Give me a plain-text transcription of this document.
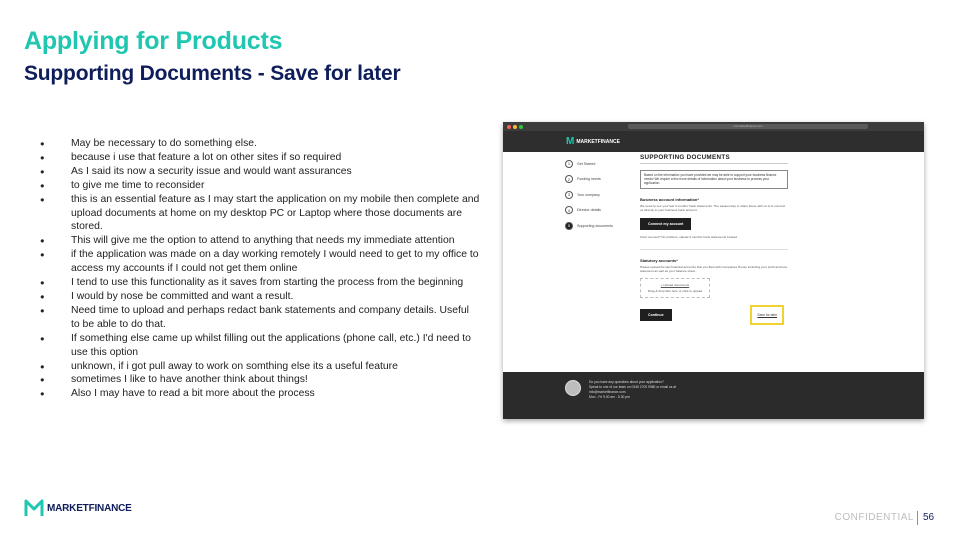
Applying for Products
Supporting Documents - Save for later
● May be necessary to do something else.
● because i use that feature a lot on other sites if so required
● As I said its now a security issue and would want assurances
● to give me time to reconsider
● this is an essential feature as I may start the application on my mobile then complete and upload documents at home on my desktop PC or Laptop where those documents are stored.
● This will give me the option to attend to anything that needs my immediate attention
● if the application was made on a day working remotely I would need to get to my office to access my accounts if I could not get them online
● I tend to use this functionality as it saves from starting the process from the beginning
● I would by nose be committed and want a result.
● Need time to upload and perhaps redact bank statements and company details. Useful to be able to do that.
● If something else came up whilst filling out the applications (phone call, etc.) I'd need to use this option
● unknown, if i got pull away to work on somthing else its a useful feature
● sometimes I like to have another think about things!
● Also I may have to read a bit more about the process
mf.marketfinance.com
M MARKETFINANCE
1	Get Started
2	Funding needs
3	Your company
4	Director details
5	Supporting documents
SUPPORTING DOCUMENTS
Based on the information you have provided we may be able to support your business finance needs! We require a few more details of information about your business to process your application.
Business account information*
We need to see your last 3 months' bank statements. The easiest way to share these with us is to connect us directly to your business bank account.
Connect my account
Can't connect? No problem, upload 3 months' bank statements instead.
Statutory accounts*
Please upload the last financial accounts that you filed with Companies House including your profit and loss statement as well as your balance sheet.
+ Upload documents
Drag & drop files here or click to upload
Continue	Save for later
Do you have any questions about your application?
Speak to one of our team on 0345 2700 9980 or email us at
info@marketfinance.com
Mon - Fri 9.00 am - 5.30 pm
MARKETFINANCE
CONFIDENTIAL 56
